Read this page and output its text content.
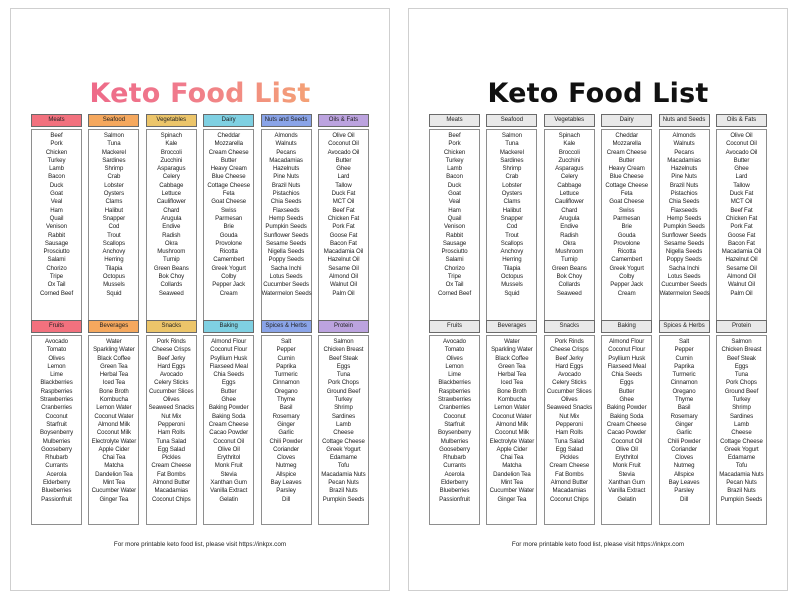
Keto Food List
Meats
Beef
Pork
Chicken
Turkey
Lamb
Bacon
Duck
Goat
Veal
Ham
Quail
Venison
Rabbit
Sausage
Prosciutto
Salami
Chorizo
Tripe
Ox Tail
Corned Beef
Seafood
Salmon
Tuna
Mackerel
Sardines
Shrimp
Crab
Lobster
Oysters
Clams
Halibut
Snapper
Cod
Trout
Scallops
Anchovy
Herring
Tilapia
Octopus
Mussels
Squid
Vegetables
Spinach
Kale
Broccoli
Zucchini
Asparagus
Celery
Cabbage
Lettuce
Cauliflower
Chard
Arugula
Endive
Radish
Okra
Mushroom
Turnip
Green Beans
Bok Choy
Collards
Seaweed
Dairy
Cheddar
Mozzarella
Cream Cheese
Butter
Heavy Cream
Blue Cheese
Cottage Cheese
Feta
Goat Cheese
Swiss
Parmesan
Brie
Gouda
Provolone
Ricotta
Camembert
Greek Yogurt
Colby
Pepper Jack
Cream
Nuts and Seeds
Almonds
Walnuts
Pecans
Macadamias
Hazelnuts
Pine Nuts
Brazil Nuts
Pistachios
Chia Seeds
Flaxseeds
Hemp Seeds
Pumpkin Seeds
Sunflower Seeds
Sesame Seeds
Nigella Seeds
Poppy Seeds
Sacha Inchi
Lotus Seeds
Cucumber Seeds
Watermelon Seeds
Oils & Fats
Olive Oil
Coconut Oil
Avocado Oil
Butter
Ghee
Lard
Tallow
Duck Fat
MCT Oil
Beef Fat
Chicken Fat
Pork Fat
Goose Fat
Bacon Fat
Macadamia Oil
Hazelnut Oil
Sesame Oil
Almond Oil
Walnut Oil
Palm Oil
Fruits
Avocado
Tomato
Olives
Lemon
Lime
Blackberries
Raspberries
Strawberries
Cranberries
Coconut
Starfruit
Boysenberry
Mulberries
Gooseberry
Rhubarb
Currants
Acerola
Elderberry
Blueberries
Passionfruit
Beverages
Water
Sparkling Water
Black Coffee
Green Tea
Herbal Tea
Iced Tea
Bone Broth
Kombucha
Lemon Water
Coconut Water
Almond Milk
Coconut Milk
Electrolyte Water
Apple Cider
Chai Tea
Matcha
Dandelion Tea
Mint Tea
Cucumber Water
Ginger Tea
Snacks
Pork Rinds
Cheese Crisps
Beef Jerky
Hard Eggs
Avocado
Celery Sticks
Cucumber Slices
Olives
Seaweed Snacks
Nut Mix
Pepperoni
Ham Rolls
Tuna Salad
Egg Salad
Pickles
Cream Cheese
Fat Bombs
Almond Butter
Macadamias
Coconut Chips
Baking
Almond Flour
Coconut Flour
Psyllium Husk
Flaxseed Meal
Chia Seeds
Eggs
Butter
Ghee
Baking Powder
Baking Soda
Cream Cheese
Cacao Powder
Coconut Oil
Olive Oil
Erythritol
Monk Fruit
Stevia
Xanthan Gum
Vanilla Extract
Gelatin
Spices & Herbs
Salt
Pepper
Cumin
Paprika
Turmeric
Cinnamon
Oregano
Thyme
Basil
Rosemary
Ginger
Garlic
Chili Powder
Coriander
Cloves
Nutmeg
Allspice
Bay Leaves
Parsley
Dill
Protein
Salmon
Chicken Breast
Beef Steak
Eggs
Tuna
Pork Chops
Ground Beef
Turkey
Shrimp
Sardines
Lamb
Cheese
Cottage Cheese
Greek Yogurt
Edamame
Tofu
Macadamia Nuts
Pecan Nuts
Brazil Nuts
Pumpkin Seeds
For more printable keto food list, please visit https://inkpx.com
Keto Food List
Meats
Beef
Pork
Chicken
Turkey
Lamb
Bacon
Duck
Goat
Veal
Ham
Quail
Venison
Rabbit
Sausage
Prosciutto
Salami
Chorizo
Tripe
Ox Tail
Corned Beef
Seafood
Salmon
Tuna
Mackerel
Sardines
Shrimp
Crab
Lobster
Oysters
Clams
Halibut
Snapper
Cod
Trout
Scallops
Anchovy
Herring
Tilapia
Octopus
Mussels
Squid
Vegetables
Spinach
Kale
Broccoli
Zucchini
Asparagus
Celery
Cabbage
Lettuce
Cauliflower
Chard
Arugula
Endive
Radish
Okra
Mushroom
Turnip
Green Beans
Bok Choy
Collards
Seaweed
Dairy
Cheddar
Mozzarella
Cream Cheese
Butter
Heavy Cream
Blue Cheese
Cottage Cheese
Feta
Goat Cheese
Swiss
Parmesan
Brie
Gouda
Provolone
Ricotta
Camembert
Greek Yogurt
Colby
Pepper Jack
Cream
Nuts and Seeds
Almonds
Walnuts
Pecans
Macadamias
Hazelnuts
Pine Nuts
Brazil Nuts
Pistachios
Chia Seeds
Flaxseeds
Hemp Seeds
Pumpkin Seeds
Sunflower Seeds
Sesame Seeds
Nigella Seeds
Poppy Seeds
Sacha Inchi
Lotus Seeds
Cucumber Seeds
Watermelon Seeds
Oils & Fats
Olive Oil
Coconut Oil
Avocado Oil
Butter
Ghee
Lard
Tallow
Duck Fat
MCT Oil
Beef Fat
Chicken Fat
Pork Fat
Goose Fat
Bacon Fat
Macadamia Oil
Hazelnut Oil
Sesame Oil
Almond Oil
Walnut Oil
Palm Oil
Fruits
Avocado
Tomato
Olives
Lemon
Lime
Blackberries
Raspberries
Strawberries
Cranberries
Coconut
Starfruit
Boysenberry
Mulberries
Gooseberry
Rhubarb
Currants
Acerola
Elderberry
Blueberries
Passionfruit
Beverages
Water
Sparkling Water
Black Coffee
Green Tea
Herbal Tea
Iced Tea
Bone Broth
Kombucha
Lemon Water
Coconut Water
Almond Milk
Coconut Milk
Electrolyte Water
Apple Cider
Chai Tea
Matcha
Dandelion Tea
Mint Tea
Cucumber Water
Ginger Tea
Snacks
Pork Rinds
Cheese Crisps
Beef Jerky
Hard Eggs
Avocado
Celery Sticks
Cucumber Slices
Olives
Seaweed Snacks
Nut Mix
Pepperoni
Ham Rolls
Tuna Salad
Egg Salad
Pickles
Cream Cheese
Fat Bombs
Almond Butter
Macadamias
Coconut Chips
Baking
Almond Flour
Coconut Flour
Psyllium Husk
Flaxseed Meal
Chia Seeds
Eggs
Butter
Ghee
Baking Powder
Baking Soda
Cream Cheese
Cacao Powder
Coconut Oil
Olive Oil
Erythritol
Monk Fruit
Stevia
Xanthan Gum
Vanilla Extract
Gelatin
Spices & Herbs
Salt
Pepper
Cumin
Paprika
Turmeric
Cinnamon
Oregano
Thyme
Basil
Rosemary
Ginger
Garlic
Chili Powder
Coriander
Cloves
Nutmeg
Allspice
Bay Leaves
Parsley
Dill
Protein
Salmon
Chicken Breast
Beef Steak
Eggs
Tuna
Pork Chops
Ground Beef
Turkey
Shrimp
Sardines
Lamb
Cheese
Cottage Cheese
Greek Yogurt
Edamame
Tofu
Macadamia Nuts
Pecan Nuts
Brazil Nuts
Pumpkin Seeds
For more printable keto food list, please visit https://inkpx.com
